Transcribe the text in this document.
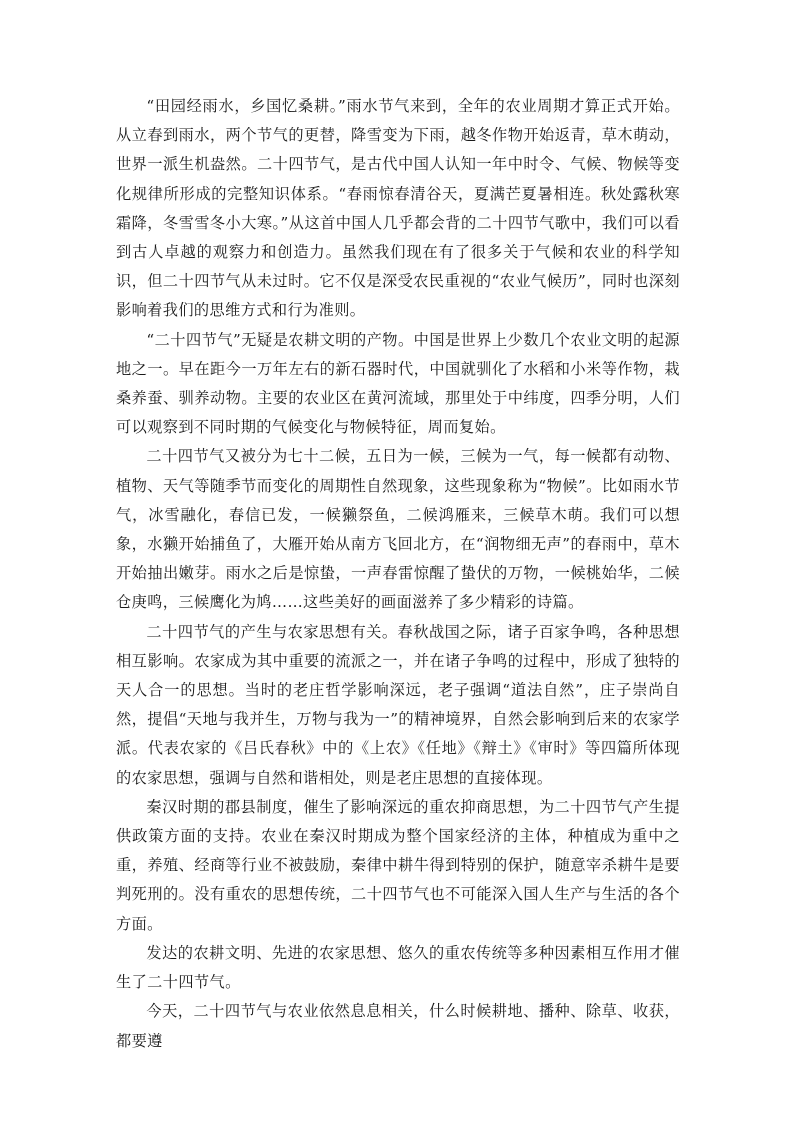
“田园经雨水，乡国忆桑耕。”雨水节气来到，全年的农业周期才算正式开始。从立春到雨水，两个节气的更替，降雪变为下雨，越冬作物开始返青，草木萌动，世界一派生机盎然。二十四节气，是古代中国人认知一年中时令、气候、物候等变化规律所形成的完整知识体系。“春雨惊春清谷天，夏满芒夏暑相连。秋处露秋寒霜降，冬雪雪冬小大寒。”从这首中国人几乎都会背的二十四节气歌中，我们可以看到古人卓越的观察力和创造力。虽然我们现在有了很多关于气候和农业的科学知识，但二十四节气从未过时。它不仅是深受农民重视的“农业气候历”，同时也深刻影响着我们的思维方式和行为准则。

“二十四节气”无疑是农耕文明的产物。中国是世界上少数几个农业文明的起源地之一。早在距今一万年左右的新石器时代，中国就驯化了水稻和小米等作物，栽桑养蚕、驯养动物。主要的农业区在黄河流域，那里处于中纬度，四季分明，人们可以观察到不同时期的气候变化与物候特征，周而复始。

二十四节气又被分为七十二候，五日为一候，三候为一气，每一候都有动物、植物、天气等随季节而变化的周期性自然现象，这些现象称为“物候”。比如雨水节气，冰雪融化，春信已发，一候獭祭鱼，二候鸿雁来，三候草木萌。我们可以想象，水獭开始捕鱼了，大雁开始从南方飞回北方，在“润物细无声”的春雨中，草木开始抽出嫩芽。雨水之后是惊蛰，一声春雷惊醒了蛰伏的万物，一候桃始华，二候仓庚鸣，三候鹰化为鸠……这些美好的画面滋养了多少精彩的诗篇。

二十四节气的产生与农家思想有关。春秋战国之际，诸子百家争鸣，各种思想相互影响。农家成为其中重要的流派之一，并在诸子争鸣的过程中，形成了独特的天人合一的思想。当时的老庄哲学影响深远，老子强调“道法自然”，庄子崇尚自然，提倡“天地与我并生，万物与我为一”的精神境界，自然会影响到后来的农家学派。代表农家的《吕氏春秋》中的《上农》《任地》《辩土》《审时》等四篇所体现的农家思想，强调与自然和谐相处，则是老庄思想的直接体现。

秦汉时期的郡县制度，催生了影响深远的重农抑商思想，为二十四节气产生提供政策方面的支持。农业在秦汉时期成为整个国家经济的主体，种植成为重中之重，养殖、经商等行业不被鼓励，秦律中耕牛得到特别的保护，随意宰杀耕牛是要判死刑的。没有重农的思想传统，二十四节气也不可能深入国人生产与生活的各个方面。

发达的农耕文明、先进的农家思想、悠久的重农传统等多种因素相互作用才催生了二十四节气。

今天，二十四节气与农业依然息息相关，什么时候耕地、播种、除草、收获，都要遵
